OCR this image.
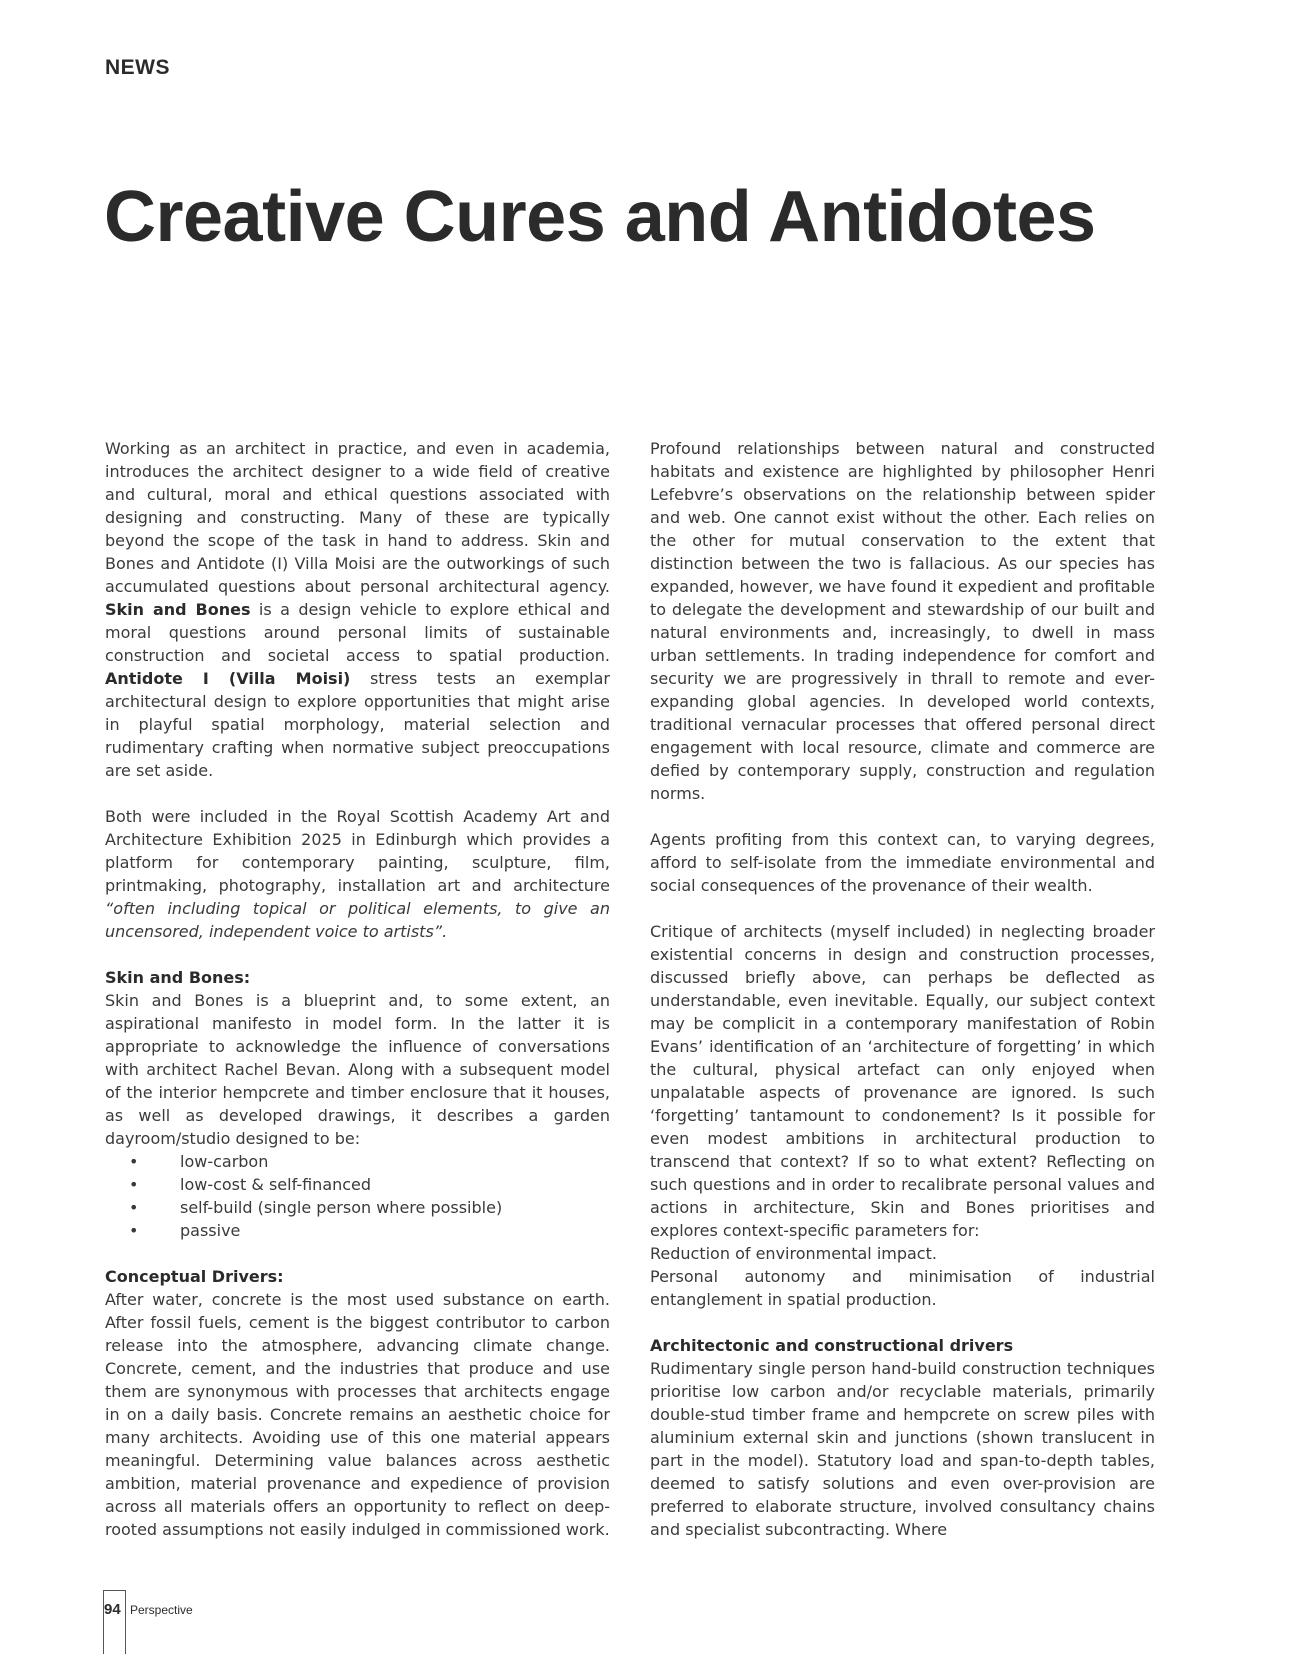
NEWS
Creative Cures and Antidotes

Working as an architect in practice, and even in academia, introduces the architect designer to a wide field of creative and cultural, moral and ethical questions associated with designing and constructing. Many of these are typically beyond the scope of the task in hand to address. Skin and Bones and Antidote (I) Villa Moisi are the outworkings of such accumulated questions about personal architectural agency. Skin and Bones is a design vehicle to explore ethical and moral questions around personal limits of sustainable construction and societal access to spatial production. Antidote I (Villa Moisi) stress tests an exemplar architectural design to explore opportunities that might arise in playful spatial morphology, material selection and rudimentary crafting when normative subject preoccupations are set aside.

Both were included in the Royal Scottish Academy Art and Architecture Exhibition 2025 in Edinburgh which provides a platform for contemporary painting, sculpture, film, printmaking, photography, installation art and architecture “often including topical or political elements, to give an uncensored, independent voice to artists”.

Skin and Bones:

Skin and Bones is a blueprint and, to some extent, an aspirational manifesto in model form. In the latter it is appropriate to acknowledge the influence of conversations with architect Rachel Bevan. Along with a subsequent model of the interior hempcrete and timber enclosure that it houses, as well as developed drawings, it describes a garden dayroom/studio designed to be:

• low-carbon
• low-cost & self-financed
• self-build (single person where possible)
• passive
Conceptual Drivers:

After water, concrete is the most used substance on earth. After fossil fuels, cement is the biggest contributor to carbon release into the atmosphere, advancing climate change. Concrete, cement, and the industries that produce and use them are synonymous with processes that architects engage in on a daily basis. Concrete remains an aesthetic choice for many architects. Avoiding use of this one material appears meaningful. Determining value balances across aesthetic ambition, material provenance and expedience of provision across all materials offers an opportunity to reflect on deep-rooted assumptions not easily indulged in commissioned work.

Profound relationships between natural and constructed habitats and existence are highlighted by philosopher Henri Lefebvre’s observations on the relationship between spider and web. One cannot exist without the other. Each relies on the other for mutual conservation to the extent that distinction between the two is fallacious. As our species has expanded, however, we have found it expedient and profitable to delegate the development and stewardship of our built and natural environments and, increasingly, to dwell in mass urban settlements. In trading independence for comfort and security we are progressively in thrall to remote and ever-expanding global agencies. In developed world contexts, traditional vernacular processes that offered personal direct engagement with local resource, climate and commerce are defied by contemporary supply, construction and regulation norms.

Agents profiting from this context can, to varying degrees, afford to self-isolate from the immediate environmental and social consequences of the provenance of their wealth.

Critique of architects (myself included) in neglecting broader existential concerns in design and construction processes, discussed briefly above, can perhaps be deflected as understandable, even inevitable. Equally, our subject context may be complicit in a contemporary manifestation of Robin Evans’ identification of an ‘architecture of forgetting’ in which the cultural, physical artefact can only enjoyed when unpalatable aspects of provenance are ignored. Is such ‘forgetting’ tantamount to condonement? Is it possible for even modest ambitions in architectural production to transcend that context? If so to what extent? Reflecting on such questions and in order to recalibrate personal values and actions in architecture, Skin and Bones prioritises and explores context-specific parameters for:

Reduction of environmental impact.

Personal autonomy and minimisation of industrial entanglement in spatial production.

Architectonic and constructional drivers

Rudimentary single person hand-build construction techniques prioritise low carbon and/or recyclable materials, primarily double-stud timber frame and hempcrete on screw piles with aluminium external skin and junctions (shown translucent in part in the model). Statutory load and span-to-depth tables, deemed to satisfy solutions and even over-provision are preferred to elaborate structure, involved consultancy chains and specialist subcontracting. Where

94 Perspective
